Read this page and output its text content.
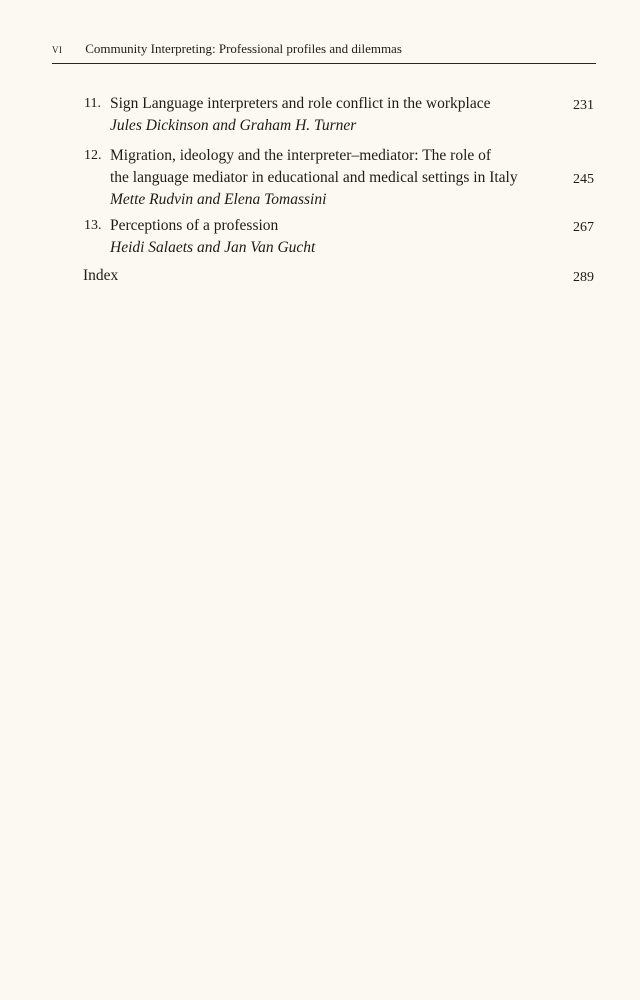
vi Community Interpreting: Professional profiles and dilemmas
11. Sign Language interpreters and role conflict in the workplace
Jules Dickinson and Graham H. Turner
231
12. Migration, ideology and the interpreter–mediator: The role of
the language mediator in educational and medical settings in Italy
Mette Rudvin and Elena Tomassini
245
13. Perceptions of a profession
Heidi Salaets and Jan Van Gucht
267
Index	289
